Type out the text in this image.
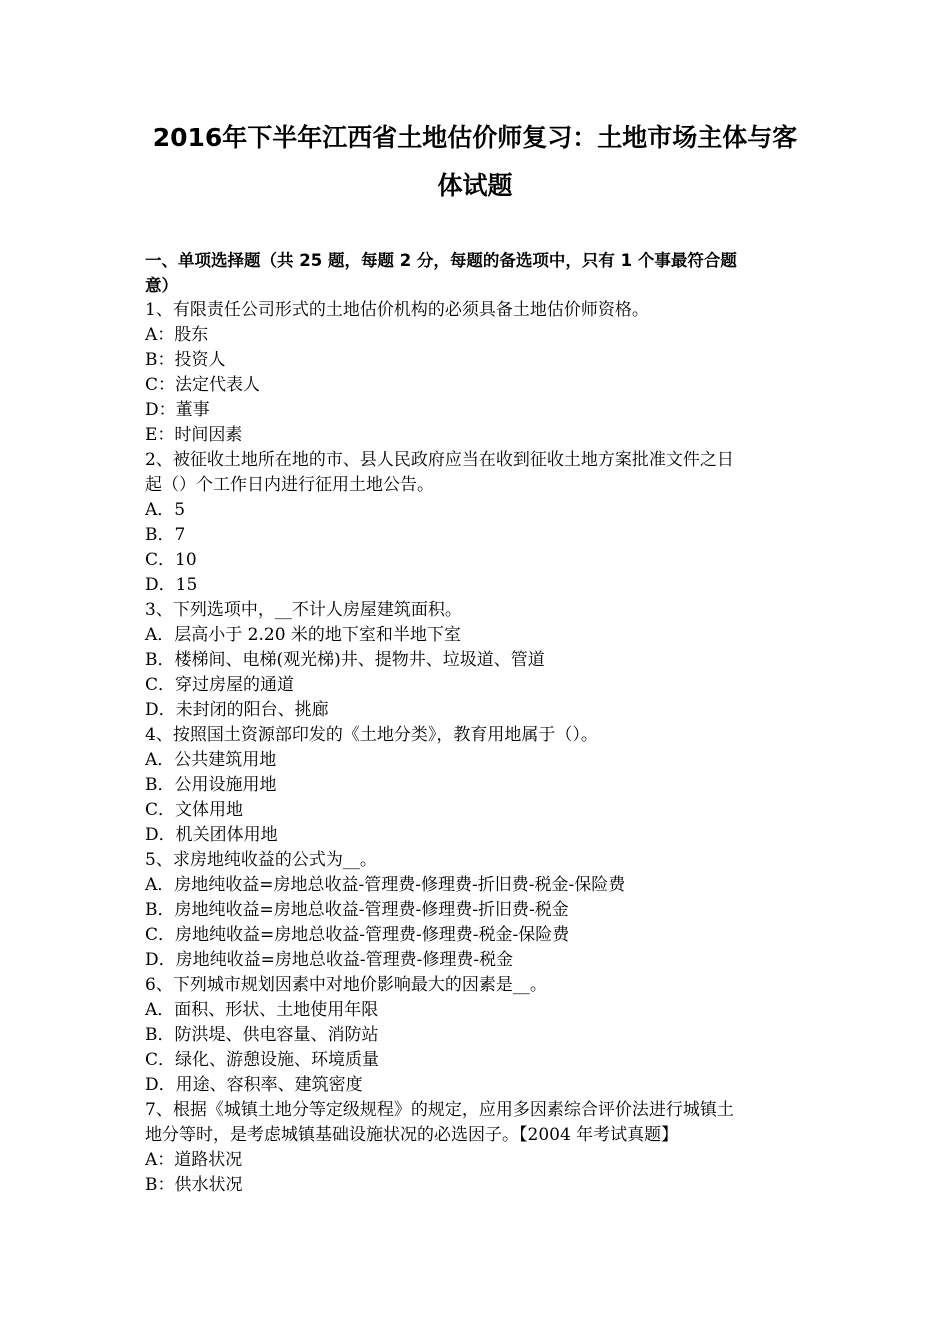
2016年下半年江西省土地估价师复习：土地市场主体与客
体试题
一、单项选择题（共 25 题，每题 2 分，每题的备选项中，只有 1 个事最符合题
意）
1、有限责任公司形式的土地估价机构的必须具备土地估价师资格。
A：股东
B：投资人
C：法定代表人
D：董事
E：时间因素
2、被征收土地所在地的市、县人民政府应当在收到征收土地方案批准文件之日
起（）个工作日内进行征用土地公告。
A．5
B．7
C．10
D．15
3、下列选项中，__不计人房屋建筑面积。
A．层高小于 2.20 米的地下室和半地下室
B．楼梯间、电梯(观光梯)井、提物井、垃圾道、管道
C．穿过房屋的通道
D．未封闭的阳台、挑廊
4、按照国土资源部印发的《土地分类》，教育用地属于（）。
A．公共建筑用地
B．公用设施用地
C．文体用地
D．机关团体用地
5、求房地纯收益的公式为__。
A．房地纯收益=房地总收益-管理费-修理费-折旧费-税金-保险费
B．房地纯收益=房地总收益-管理费-修理费-折旧费-税金
C．房地纯收益=房地总收益-管理费-修理费-税金-保险费
D．房地纯收益=房地总收益-管理费-修理费-税金
6、下列城市规划因素中对地价影响最大的因素是__。
A．面积、形状、土地使用年限
B．防洪堤、供电容量、消防站
C．绿化、游憩设施、环境质量
D．用途、容积率、建筑密度
7、根据《城镇土地分等定级规程》的规定，应用多因素综合评价法进行城镇土
地分等时，是考虑城镇基础设施状况的必选因子。【2004 年考试真题】
A：道路状况
B：供水状况
